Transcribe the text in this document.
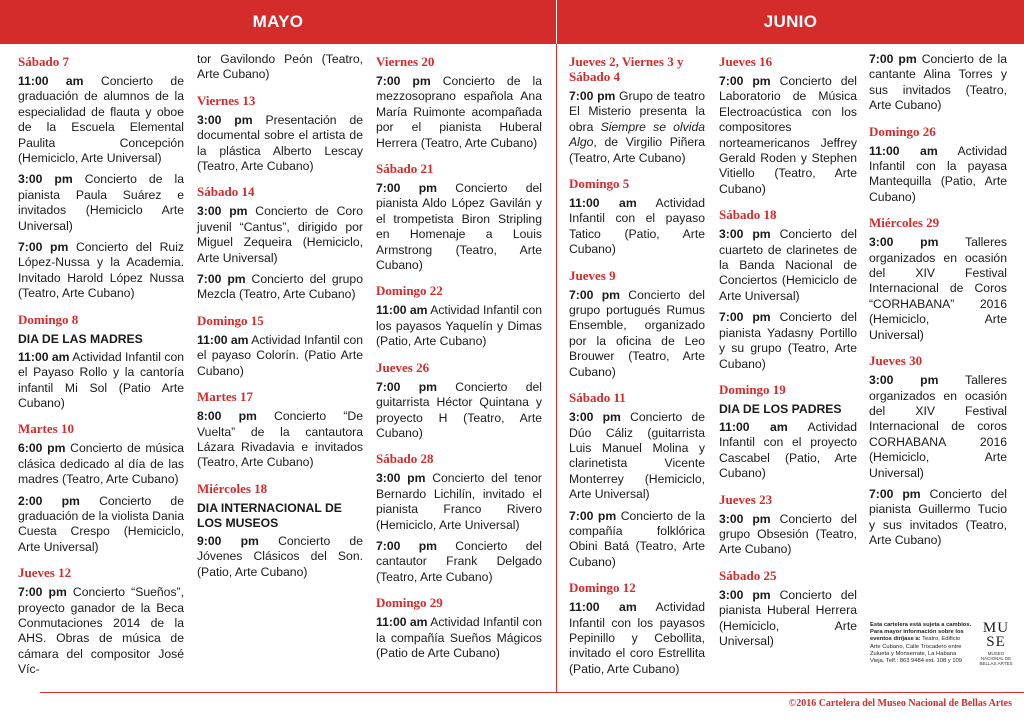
MAYO	JUNIO
Sábado 7
11:00 am Concierto de graduación de alumnos de la especialidad de flauta y oboe de la Escuela Elemental Paulita Concepción (Hemiciclo, Arte Universal)
3:00 pm Concierto de la pianista Paula Suárez e invitados (Hemiciclo Arte Universal)
7:00 pm Concierto del Ruiz López-Nussa y la Academia. Invitado Harold López Nussa (Teatro, Arte Cubano)
Domingo 8
DIA DE LAS MADRES
11:00 am Actividad Infantil con el Payaso Rollo y la cantoría infantil Mi Sol (Patio Arte Cubano)
Martes 10
6:00 pm Concierto de música clásica dedicado al día de las madres (Teatro, Arte Cubano)
2:00 pm Concierto de graduación de la violista Dania Cuesta Crespo (Hemiciclo, Arte Universal)
Jueves 12
7:00 pm Concierto “Sueños”, proyecto ganador de la Beca Conmutaciones 2014 de la AHS. Obras de música de cámara del compositor José Víc-
tor Gavilondo Peón (Teatro, Arte Cubano)
Viernes 13
3:00 pm Presentación de documental sobre el artista de la plástica Alberto Lescay (Teatro, Arte Cubano)
Sábado 14
3:00 pm Concierto de Coro juvenil “Cantus”, dirigido por Miguel Zequeira (Hemiciclo, Arte Universal)
7:00 pm Concierto del grupo Mezcla (Teatro, Arte Cubano)
Domingo 15
11:00 am Actividad Infantil con el payaso Colorín. (Patio Arte Cubano)
Martes 17
8:00 pm Concierto “De Vuelta” de la cantautora Lázara Rivadavia e invitados (Teatro, Arte Cubano)
Miércoles 18
DIA INTERNACIONAL DE LOS MUSEOS
9:00 pm Concierto de Jóvenes Clásicos del Son. (Patio, Arte Cubano)
Viernes 20
7:00 pm Concierto de la mezzosoprano española Ana María Ruimonte acompañada por el pianista Huberal Herrera (Teatro, Arte Cubano)
Sábado 21
7:00 pm Concierto del pianista Aldo López Gavilán y el trompetista Biron Stripling en Homenaje a Louis Armstrong (Teatro, Arte Cubano)
Domingo 22
11:00 am Actividad Infantil con los payasos Yaquelín y Dimas (Patio, Arte Cubano)
Jueves 26
7:00 pm Concierto del guitarrista Héctor Quintana y proyecto H (Teatro, Arte Cubano)
Sábado 28
3:00 pm Concierto del tenor Bernardo Lichilín, invitado el pianista Franco Rivero (Hemiciclo, Arte Universal)
7:00 pm Concierto del cantautor Frank Delgado (Teatro, Arte Cubano)
Domingo 29
11:00 am Actividad Infantil con la compañía Sueños Mágicos (Patio de Arte Cubano)
Jueves 2, Viernes 3 y Sábado 4
7:00 pm Grupo de teatro El Misterio presenta la obra Siempre se olvida Algo, de Virgilio Piñera (Teatro, Arte Cubano)
Domingo 5
11:00 am Actividad Infantil con el payaso Tatico (Patio, Arte Cubano)
Jueves 9
7:00 pm Concierto del grupo portugués Rumus Ensemble, organizado por la oficina de Leo Brouwer (Teatro, Arte Cubano)
Sábado 11
3:00 pm Concierto de Dúo Cáliz (guitarrista Luis Manuel Molina y clarinetista Vicente Monterrey (Hemiciclo, Arte Universal)
7:00 pm Concierto de la compañía folklórica Obini Batá (Teatro, Arte Cubano)
Domingo 12
11:00 am Actividad Infantil con los payasos Pepinillo y Cebollita, invitado el coro Estrellita (Patio, Arte Cubano)
Jueves 16
7:00 pm Concierto del Laboratorio de Música Electroacústica con los compositores norteamericanos Jeffrey Gerald Roden y Stephen Vitiello (Teatro, Arte Cubano)
Sábado 18
3:00 pm Concierto del cuarteto de clarinetes de la Banda Nacional de Conciertos (Hemiciclo de Arte Universal)
7:00 pm Concierto del pianista Yadasny Portillo y su grupo (Teatro, Arte Cubano)
Domingo 19
DIA DE LOS PADRES
11:00 am Actividad Infantil con el proyecto Cascabel (Patio, Arte Cubano)
Jueves 23
3:00 pm Concierto del grupo Obsesión (Teatro, Arte Cubano)
Sábado 25
3:00 pm Concierto del pianista Huberal Herrera (Hemiciclo, Arte Universal)
7:00 pm Concierto de la cantante Alina Torres y sus invitados (Teatro, Arte Cubano)
Domingo 26
11:00 am Actividad Infantil con la payasa Mantequilla (Patio, Arte Cubano)
Miércoles 29
3:00 pm Talleres organizados en ocasión del XIV Festival Internacional de Coros “CORHABANA” 2016 (Hemiciclo, Arte Universal)
Jueves 30
3:00 pm Talleres organizados en ocasión del XIV Festival Internacional de coros CORHABANA 2016 (Hemiciclo, Arte Universal)
7:00 pm Concierto del pianista Guillermo Tucio y sus invitados (Teatro, Arte Cubano)
Esta cartelera está sujeta a cambios. Para mayor información sobre los eventos diríjase a: Teatro, Edificio Arte Cubano, Calle Trocadero entre Zulueta y Monserrate, La Habana Vieja. Telf.: 863 9484 ext. 108 y 109
MU
SE
MUSEO NACIONAL DE BELLAS ARTES
©2016 Cartelera del Museo Nacional de Bellas Artes
